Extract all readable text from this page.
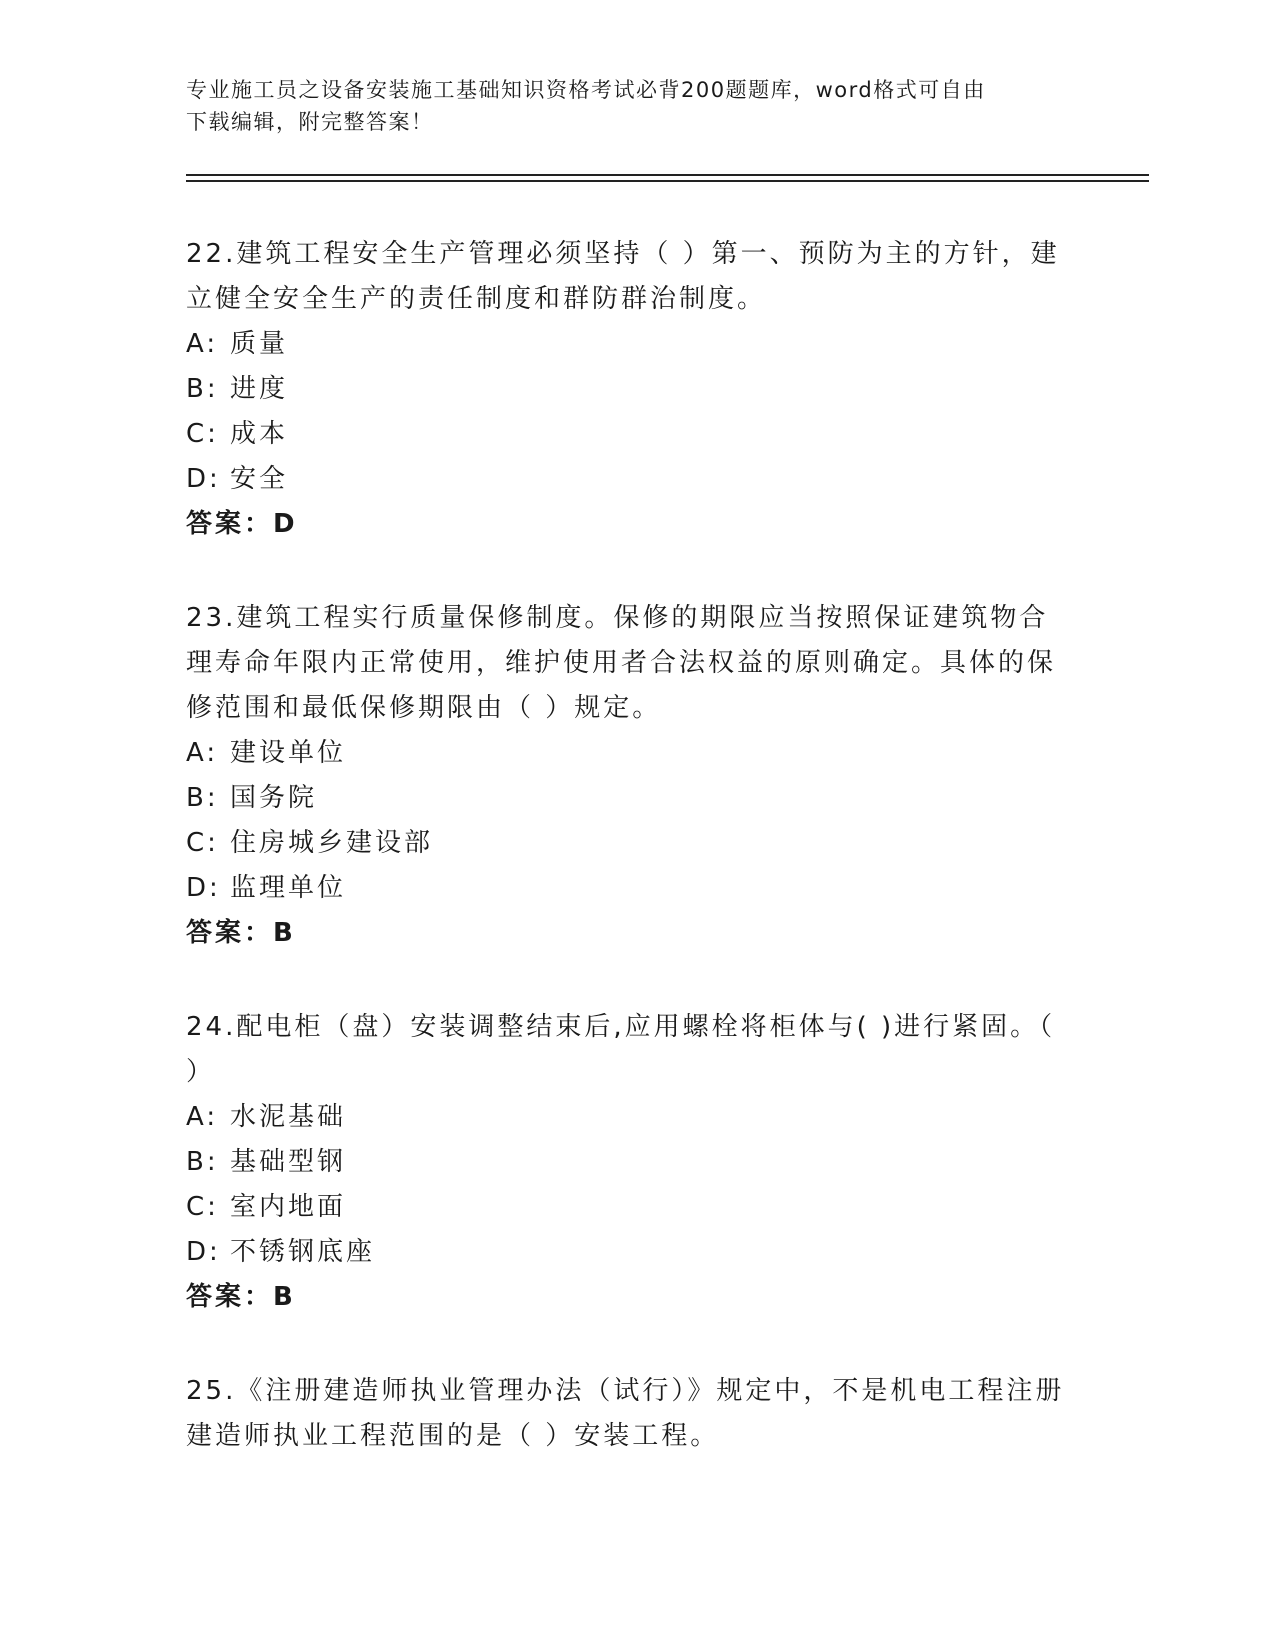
专业施工员之设备安装施工基础知识资格考试必背200题题库，word格式可自由
下载编辑，附完整答案！

22.建筑工程安全生产管理必须坚持（ ）第一、预防为主的方针，建立健全安全生产的责任制度和群防群治制度。

A: 质量

B: 进度

C: 成本

D: 安全

答案：D

23.建筑工程实行质量保修制度。保修的期限应当按照保证建筑物合理寿命年限内正常使用，维护使用者合法权益的原则确定。具体的保修范围和最低保修期限由（ ）规定。

A: 建设单位

B: 国务院

C: 住房城乡建设部

D: 监理单位

答案：B

24.配电柜（盘）安装调整结束后,应用螺栓将柜体与( )进行紧固。（ ）

A: 水泥基础

B: 基础型钢

C: 室内地面

D: 不锈钢底座

答案：B

25.《注册建造师执业管理办法（试行）》规定中，不是机电工程注册建造师执业工程范围的是（ ）安装工程。
